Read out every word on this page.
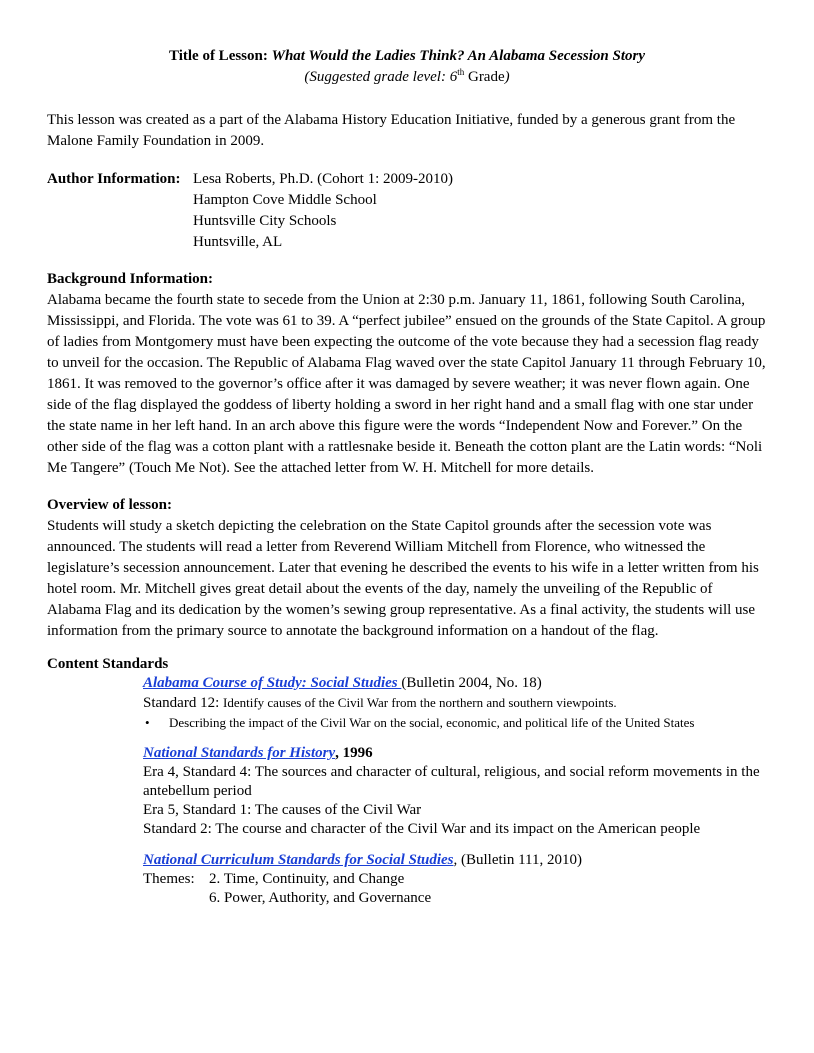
Title of Lesson: What Would the Ladies Think? An Alabama Secession Story
(Suggested grade level: 6th Grade)

This lesson was created as a part of the Alabama History Education Initiative, funded by a generous grant from the Malone Family Foundation in 2009.

Author Information: Lesa Roberts, Ph.D. (Cohort 1: 2009-2010)
Hampton Cove Middle School
Huntsville City Schools
Huntsville, AL
Background Information:

Alabama became the fourth state to secede from the Union at 2:30 p.m. January 11, 1861, following South Carolina, Mississippi, and Florida. The vote was 61 to 39. A “perfect jubilee” ensued on the grounds of the State Capitol. A group of ladies from Montgomery must have been expecting the outcome of the vote because they had a secession flag ready to unveil for the occasion. The Republic of Alabama Flag waved over the state Capitol January 11 through February 10, 1861. It was removed to the governor’s office after it was damaged by severe weather; it was never flown again. One side of the flag displayed the goddess of liberty holding a sword in her right hand and a small flag with one star under the state name in her left hand. In an arch above this figure were the words “Independent Now and Forever.” On the other side of the flag was a cotton plant with a rattlesnake beside it. Beneath the cotton plant are the Latin words: “Noli Me Tangere” (Touch Me Not). See the attached letter from W. H. Mitchell for more details.

Overview of lesson:

Students will study a sketch depicting the celebration on the State Capitol grounds after the secession vote was announced. The students will read a letter from Reverend William Mitchell from Florence, who witnessed the legislature’s secession announcement. Later that evening he described the events to his wife in a letter written from his hotel room. Mr. Mitchell gives great detail about the events of the day, namely the unveiling of the Republic of Alabama Flag and its dedication by the women’s sewing group representative. As a final activity, the students will use information from the primary source to annotate the background information on a handout of the flag.

Content Standards
Alabama Course of Study: Social Studies (Bulletin 2004, No. 18)
Standard 12: Identify causes of the Civil War from the northern and southern viewpoints.
•	Describing the impact of the Civil War on the social, economic, and political life of the United States
National Standards for History, 1996
Era 4, Standard 4: The sources and character of cultural, religious, and social reform movements in the antebellum period
Era 5, Standard 1: The causes of the Civil War
Standard 2: The course and character of the Civil War and its impact on the American people
National Curriculum Standards for Social Studies, (Bulletin 111, 2010)
Themes: 2. Time, Continuity, and Change
6. Power, Authority, and Governance
